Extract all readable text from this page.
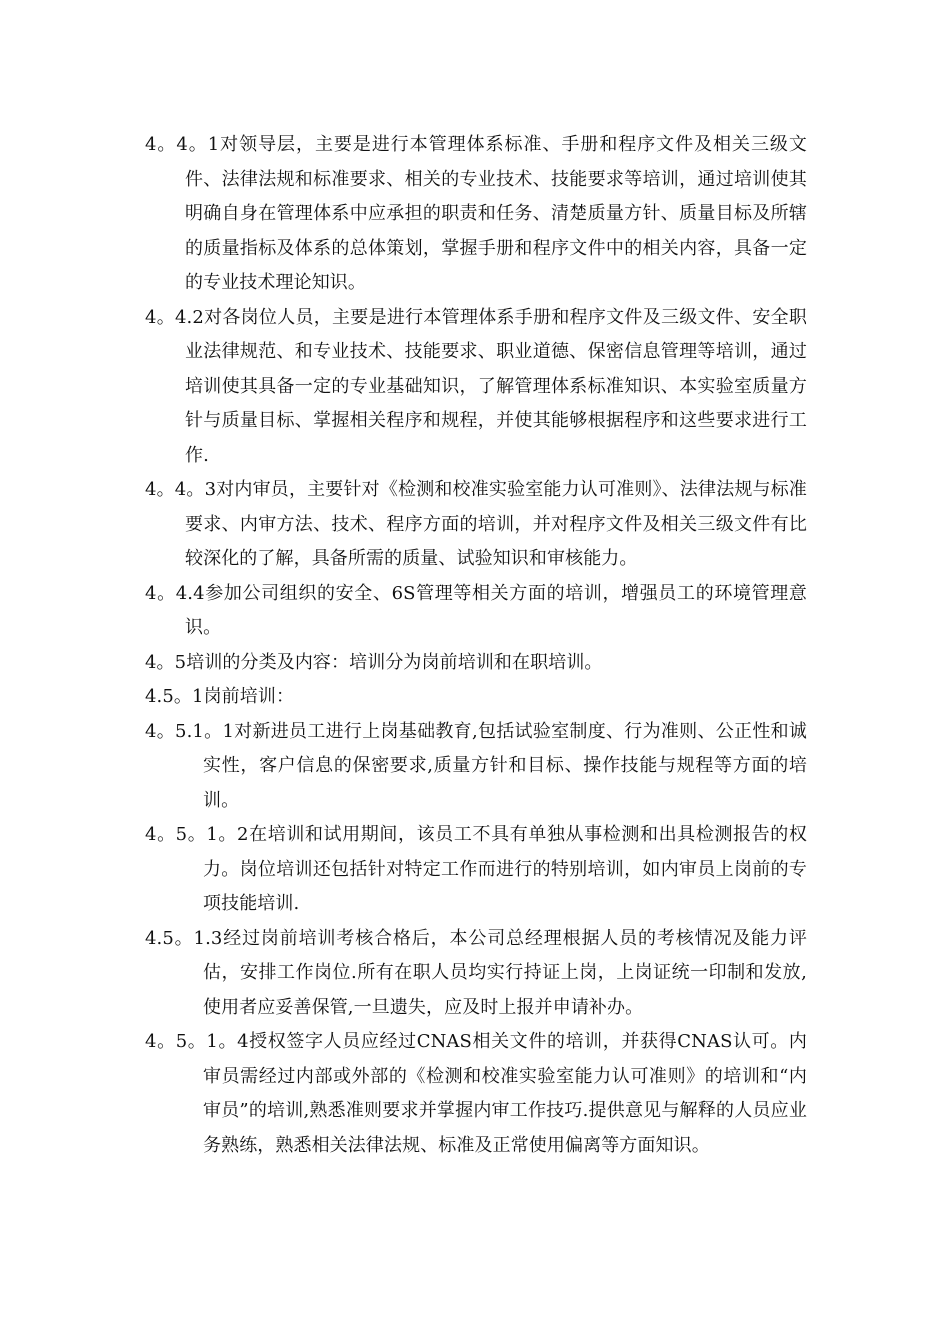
4。4。1对领导层，主要是进行本管理体系标准、手册和程序文件及相关三级文件、法律法规和标准要求、相关的专业技术、技能要求等培训，通过培训使其明确自身在管理体系中应承担的职责和任务、清楚质量方针、质量目标及所辖的质量指标及体系的总体策划，掌握手册和程序文件中的相关内容，具备一定的专业技术理论知识。

4。4.2对各岗位人员，主要是进行本管理体系手册和程序文件及三级文件、安全职业法律规范、和专业技术、技能要求、职业道德、保密信息管理等培训，通过培训使其具备一定的专业基础知识，了解管理体系标准知识、本实验室质量方针与质量目标、掌握相关程序和规程，并使其能够根据程序和这些要求进行工作.

4。4。3对内审员，主要针对《检测和校准实验室能力认可准则》、法律法规与标准要求、内审方法、技术、程序方面的培训，并对程序文件及相关三级文件有比较深化的了解，具备所需的质量、试验知识和审核能力。

4。4.4参加公司组织的安全、6S管理等相关方面的培训，增强员工的环境管理意识。

4。5培训的分类及内容：培训分为岗前培训和在职培训。

4.5。1岗前培训：

4。5.1。1对新进员工进行上岗基础教育,包括试验室制度、行为准则、公正性和诚实性，客户信息的保密要求,质量方针和目标、操作技能与规程等方面的培训。

4。5。1。2在培训和试用期间，该员工不具有单独从事检测和出具检测报告的权力。岗位培训还包括针对特定工作而进行的特别培训，如内审员上岗前的专项技能培训.

4.5。1.3经过岗前培训考核合格后，本公司总经理根据人员的考核情况及能力评估，安排工作岗位.所有在职人员均实行持证上岗，上岗证统一印制和发放,使用者应妥善保管,一旦遗失，应及时上报并申请补办。

4。5。1。4授权签字人员应经过CNAS相关文件的培训，并获得CNAS认可。内审员需经过内部或外部的《检测和校准实验室能力认可准则》的培训和“内审员”的培训,熟悉准则要求并掌握内审工作技巧.提供意见与解释的人员应业务熟练，熟悉相关法律法规、标准及正常使用偏离等方面知识。
